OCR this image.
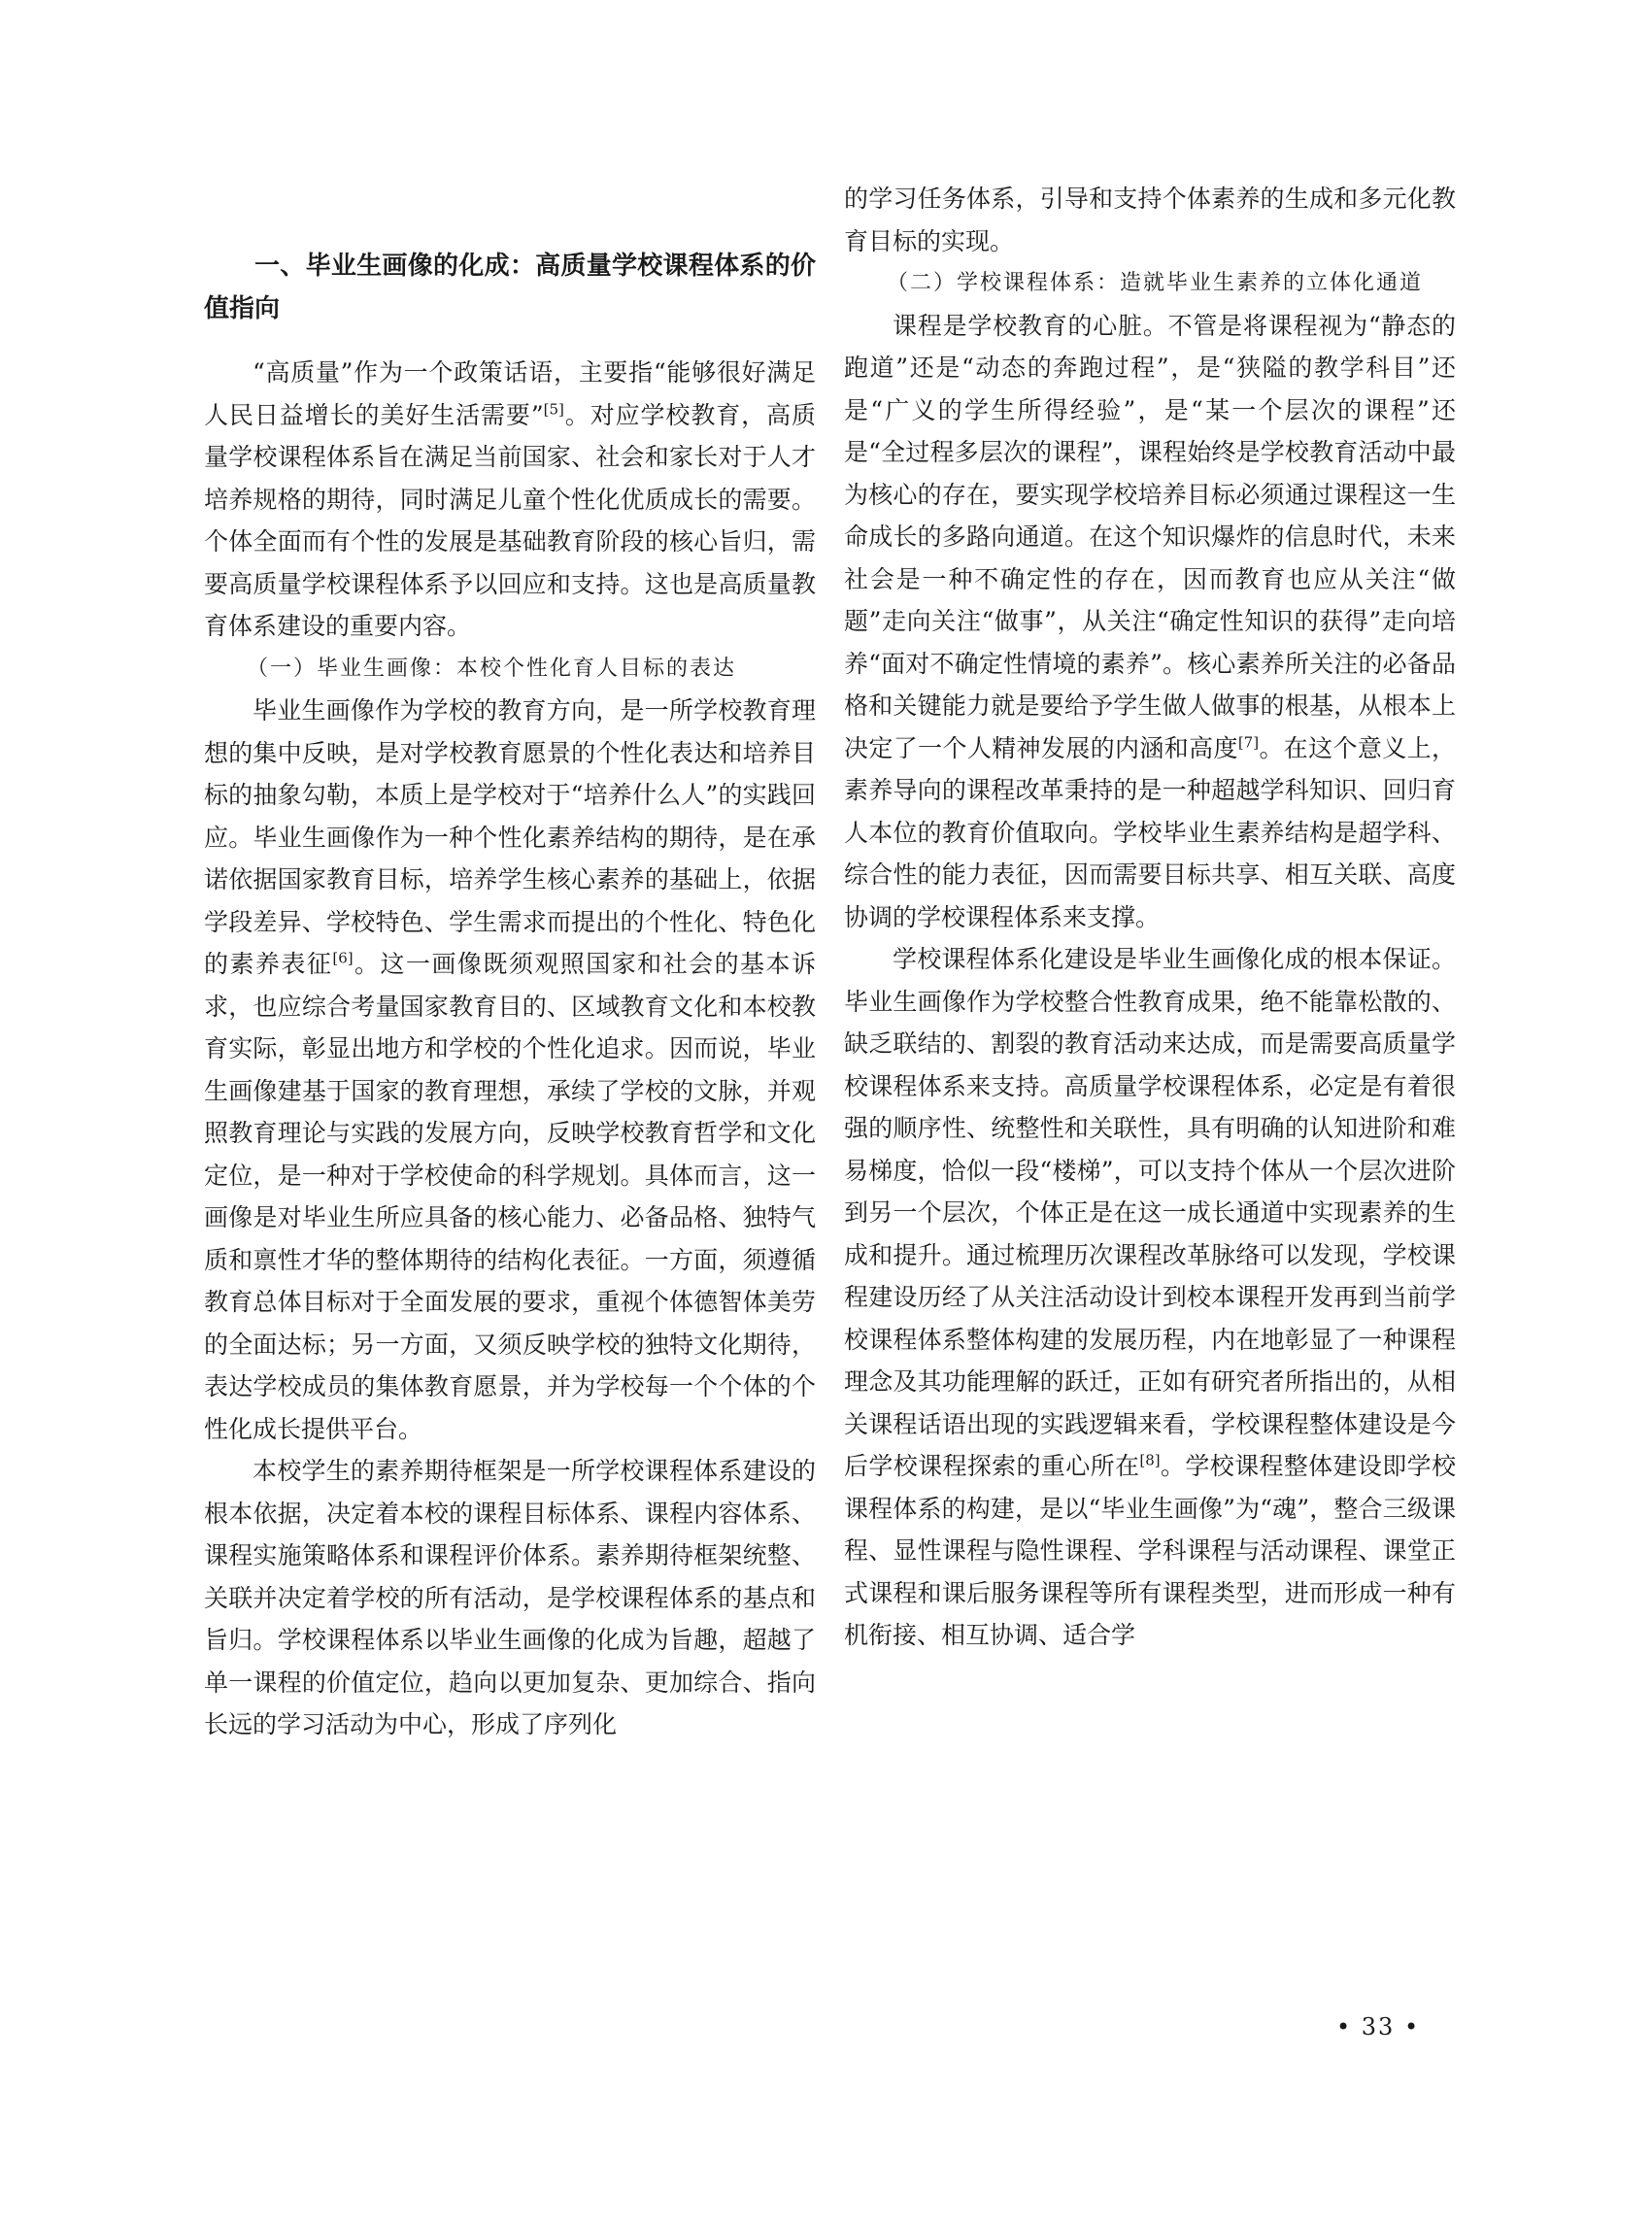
一、毕业生画像的化成：高质量学校课程体系的价值指向

“高质量”作为一个政策话语，主要指“能够很好满足人民日益增长的美好生活需要”[5]。对应学校教育，高质量学校课程体系旨在满足当前国家、社会和家长对于人才培养规格的期待，同时满足儿童个性化优质成长的需要。个体全面而有个性的发展是基础教育阶段的核心旨归，需要高质量学校课程体系予以回应和支持。这也是高质量教育体系建设的重要内容。

（一）毕业生画像：本校个性化育人目标的表达

毕业生画像作为学校的教育方向，是一所学校教育理想的集中反映，是对学校教育愿景的个性化表达和培养目标的抽象勾勒，本质上是学校对于“培养什么人”的实践回应。毕业生画像作为一种个性化素养结构的期待，是在承诺依据国家教育目标，培养学生核心素养的基础上，依据学段差异、学校特色、学生需求而提出的个性化、特色化的素养表征[6]。这一画像既须观照国家和社会的基本诉求，也应综合考量国家教育目的、区域教育文化和本校教育实际，彰显出地方和学校的个性化追求。因而说，毕业生画像建基于国家的教育理想，承续了学校的文脉，并观照教育理论与实践的发展方向，反映学校教育哲学和文化定位，是一种对于学校使命的科学规划。具体而言，这一画像是对毕业生所应具备的核心能力、必备品格、独特气质和禀性才华的整体期待的结构化表征。一方面，须遵循教育总体目标对于全面发展的要求，重视个体德智体美劳的全面达标；另一方面，又须反映学校的独特文化期待，表达学校成员的集体教育愿景，并为学校每一个个体的个性化成长提供平台。

本校学生的素养期待框架是一所学校课程体系建设的根本依据，决定着本校的课程目标体系、课程内容体系、课程实施策略体系和课程评价体系。素养期待框架统整、关联并决定着学校的所有活动，是学校课程体系的基点和旨归。学校课程体系以毕业生画像的化成为旨趣，超越了单一课程的价值定位，趋向以更加复杂、更加综合、指向长远的学习活动为中心，形成了序列化

的学习任务体系，引导和支持个体素养的生成和多元化教育目标的实现。

（二）学校课程体系：造就毕业生素养的立体化通道

课程是学校教育的心脏。不管是将课程视为“静态的跑道”还是“动态的奔跑过程”，是“狭隘的教学科目”还是“广义的学生所得经验”，是“某一个层次的课程”还是“全过程多层次的课程”，课程始终是学校教育活动中最为核心的存在，要实现学校培养目标必须通过课程这一生命成长的多路向通道。在这个知识爆炸的信息时代，未来社会是一种不确定性的存在，因而教育也应从关注“做题”走向关注“做事”，从关注“确定性知识的获得”走向培养“面对不确定性情境的素养”。核心素养所关注的必备品格和关键能力就是要给予学生做人做事的根基，从根本上决定了一个人精神发展的内涵和高度[7]。在这个意义上，素养导向的课程改革秉持的是一种超越学科知识、回归育人本位的教育价值取向。学校毕业生素养结构是超学科、综合性的能力表征，因而需要目标共享、相互关联、高度协调的学校课程体系来支撑。

学校课程体系化建设是毕业生画像化成的根本保证。毕业生画像作为学校整合性教育成果，绝不能靠松散的、缺乏联结的、割裂的教育活动来达成，而是需要高质量学校课程体系来支持。高质量学校课程体系，必定是有着很强的顺序性、统整性和关联性，具有明确的认知进阶和难易梯度，恰似一段“楼梯”，可以支持个体从一个层次进阶到另一个层次，个体正是在这一成长通道中实现素养的生成和提升。通过梳理历次课程改革脉络可以发现，学校课程建设历经了从关注活动设计到校本课程开发再到当前学校课程体系整体构建的发展历程，内在地彰显了一种课程理念及其功能理解的跃迁，正如有研究者所指出的，从相关课程话语出现的实践逻辑来看，学校课程整体建设是今后学校课程探索的重心所在[8]。学校课程整体建设即学校课程体系的构建，是以“毕业生画像”为“魂”，整合三级课程、显性课程与隐性课程、学科课程与活动课程、课堂正式课程和课后服务课程等所有课程类型，进而形成一种有机衔接、相互协调、适合学

• 33 •
